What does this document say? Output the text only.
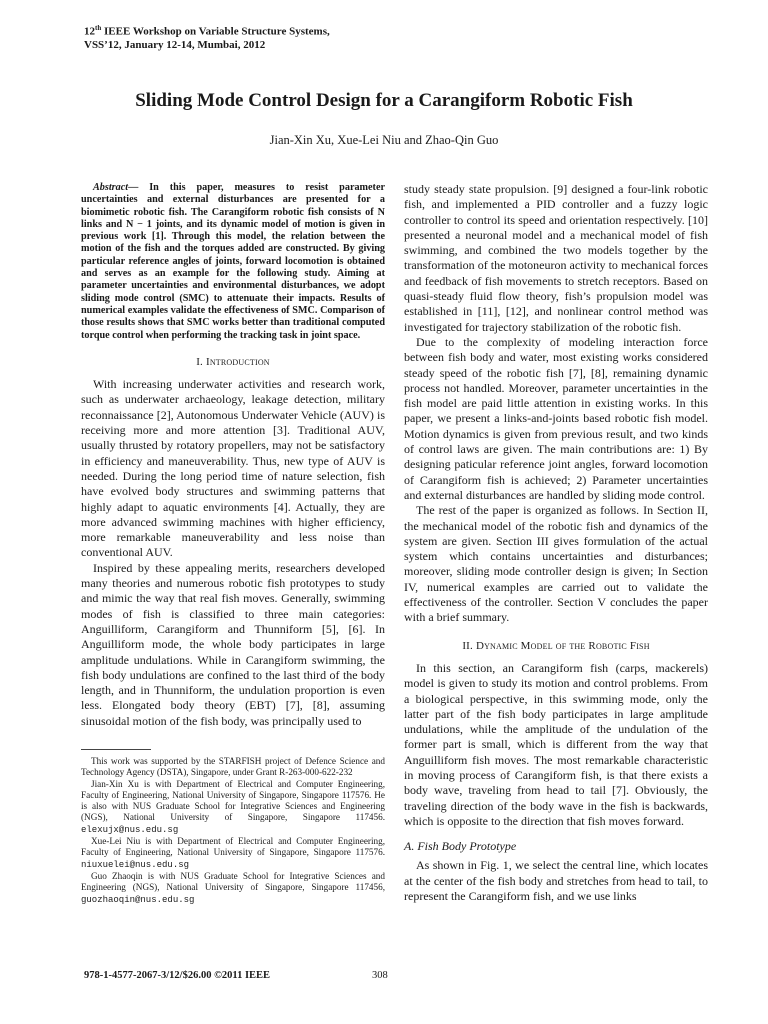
12th IEEE Workshop on Variable Structure Systems,
VSS’12, January 12-14, Mumbai, 2012
Sliding Mode Control Design for a Carangiform Robotic Fish
Jian-Xin Xu, Xue-Lei Niu and Zhao-Qin Guo

Abstract— In this paper, measures to resist parameter uncertainties and external disturbances are presented for a biomimetic robotic fish. The Carangiform robotic fish consists of N links and N − 1 joints, and its dynamic model of motion is given in previous work [1]. Through this model, the relation between the motion of the fish and the torques added are constructed. By giving particular reference angles of joints, forward locomotion is obtained and serves as an example for the following study. Aiming at parameter uncertainties and environmental disturbances, we adopt sliding mode control (SMC) to attenuate their impacts. Results of numerical examples validate the effectiveness of SMC. Comparison of those results shows that SMC works better than traditional computed torque control when performing the tracking task in joint space.

I. Introduction

With increasing underwater activities and research work, such as underwater archaeology, leakage detection, military reconnaissance [2], Autonomous Underwater Vehicle (AUV) is receiving more and more attention [3]. Traditional AUV, usually thrusted by rotatory propellers, may not be satisfactory in efficiency and maneuverability. Thus, new type of AUV is needed. During the long period time of nature selection, fish have evolved body structures and swimming patterns that highly adapt to aquatic environments [4]. Actually, they are more advanced swimming machines with higher efficiency, more remarkable maneuverability and less noise than conventional AUV.

Inspired by these appealing merits, researchers developed many theories and numerous robotic fish prototypes to study and mimic the way that real fish moves. Generally, swimming modes of fish is classified to three main categories: Anguilliform, Carangiform and Thunniform [5], [6]. In Anguilliform mode, the whole body participates in large amplitude undulations. While in Carangiform swimming, the fish body undulations are confined to the last third of the body length, and in Thunniform, the undulation proportion is even less. Elongated body theory (EBT) [7], [8], assuming sinusoidal motion of the fish body, was principally used to

This work was supported by the STARFISH project of Defence Science and Technology Agency (DSTA), Singapore, under Grant R-263-000-622-232

Jian-Xin Xu is with Department of Electrical and Computer Engineering, Faculty of Engineering, National University of Singapore, Singapore 117576. He is also with NUS Graduate School for Integrative Sciences and Engineering (NGS), National University of Singapore, Singapore 117456. elexujx@nus.edu.sg

Xue-Lei Niu is with Department of Electrical and Computer Engineering, Faculty of Engineering, National University of Singapore, Singapore 117576. niuxuelei@nus.edu.sg

Guo Zhaoqin is with NUS Graduate School for Integrative Sciences and Engineering (NGS), National University of Singapore, Singapore 117456, guozhaoqin@nus.edu.sg

study steady state propulsion. [9] designed a four-link robotic fish, and implemented a PID controller and a fuzzy logic controller to control its speed and orientation respectively. [10] presented a neuronal model and a mechanical model of fish swimming, and combined the two models together by the transformation of the motoneuron activity to mechanical forces and feedback of fish movements to stretch receptors. Based on quasi-steady fluid flow theory, fish’s propulsion model was established in [11], [12], and nonlinear control method was investigated for trajectory stabilization of the robotic fish.

Due to the complexity of modeling interaction force between fish body and water, most existing works considered steady speed of the robotic fish [7], [8], remaining dynamic process not handled. Moreover, parameter uncertainties in the fish model are paid little attention in existing works. In this paper, we present a links-and-joints based robotic fish model. Motion dynamics is given from previous result, and two kinds of control laws are given. The main contributions are: 1) By designing paticular reference joint angles, forward locomotion of Carangiform fish is achieved; 2) Parameter uncertainties and external disturbances are handled by sliding mode control.

The rest of the paper is organized as follows. In Section II, the mechanical model of the robotic fish and dynamics of the system are given. Section III gives formulation of the actual system which contains uncertainties and disturbances; moreover, sliding mode controller design is given; In Section IV, numerical examples are carried out to validate the effectiveness of the controller. Section V concludes the paper with a brief summary.

II. Dynamic Model of the Robotic Fish

In this section, an Carangiform fish (carps, mackerels) model is given to study its motion and control problems. From a biological perspective, in this swimming mode, only the latter part of the fish body participates in large amplitude undulations, while the amplitude of the undulation of the former part is small, which is different from the way that Anguilliform fish moves. The most remarkable characteristic in moving process of Carangiform fish, is that there exists a body wave, traveling from head to tail [7]. Obviously, the traveling direction of the body wave in the fish is backwards, which is opposite to the direction that fish moves forward.

A. Fish Body Prototype

As shown in Fig. 1, we select the central line, which locates at the center of the fish body and stretches from head to tail, to represent the Carangiform fish, and we use links

978-1-4577-2067-3/12/$26.00 ©2011 IEEE	308
